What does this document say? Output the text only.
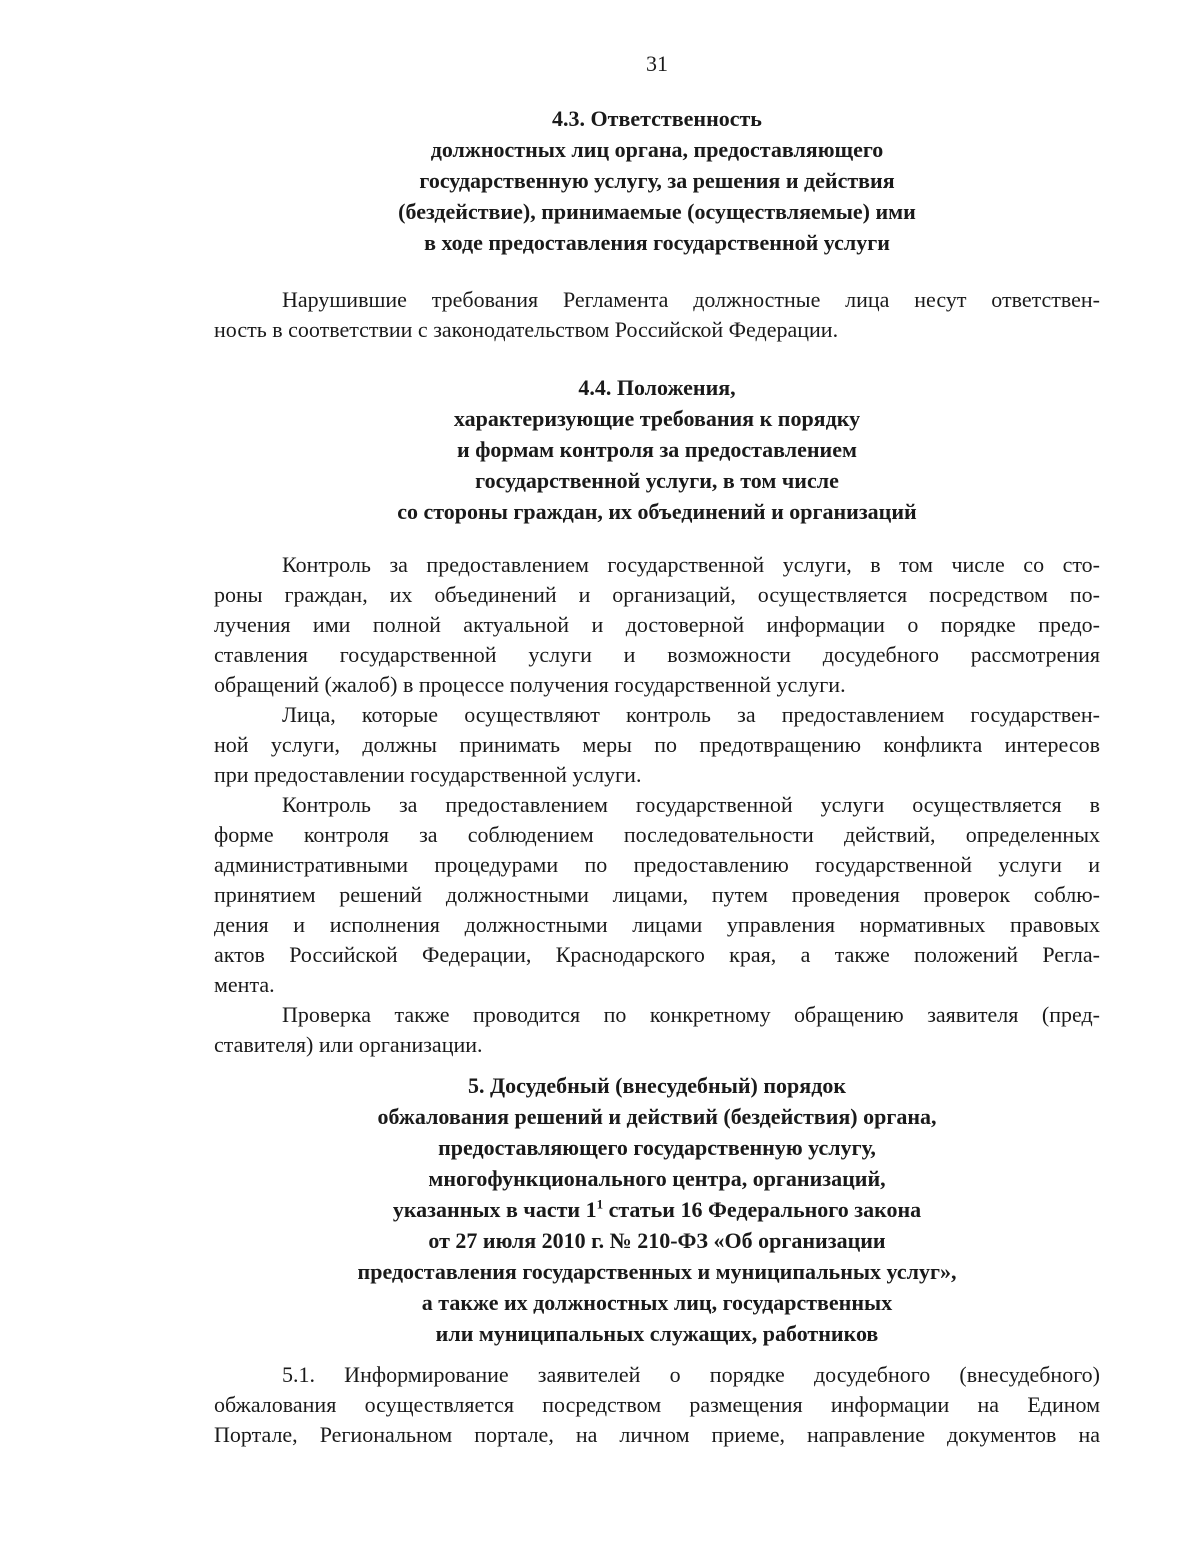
31
4.3. Ответственность
должностных лиц органа, предоставляющего
государственную услугу, за решения и действия
(бездействие), принимаемые (осуществляемые) ими
в ходе предоставления государственной услуги

Нарушившие требования Регламента должностные лица несут ответствен-
ность в соответствии с законодательством Российской Федерации.

4.4. Положения,
характеризующие требования к порядку
и формам контроля за предоставлением
государственной услуги, в том числе
со стороны граждан, их объединений и организаций

Контроль за предоставлением государственной услуги, в том числе со сто-
роны граждан, их объединений и организаций, осуществляется посредством по-
лучения ими полной актуальной и достоверной информации о порядке предо-
ставления государственной услуги и возможности досудебного рассмотрения
обращений (жалоб) в процессе получения государственной услуги.

Лица, которые осуществляют контроль за предоставлением государствен-
ной услуги, должны принимать меры по предотвращению конфликта интересов
при предоставлении государственной услуги.

Контроль за предоставлением государственной услуги осуществляется в
форме контроля за соблюдением последовательности действий, определенных
административными процедурами по предоставлению государственной услуги и
принятием решений должностными лицами, путем проведения проверок соблю-
дения и исполнения должностными лицами управления нормативных правовых
актов Российской Федерации, Краснодарского края, а также положений Регла-
мента.

Проверка также проводится по конкретному обращению заявителя (пред-
ставителя) или организации.

5. Досудебный (внесудебный) порядок
обжалования решений и действий (бездействия) органа,
предоставляющего государственную услугу,
многофункционального центра, организаций,
указанных в части $1^1$ статьи 16 Федерального закона
от 27 июля 2010 г. № 210-ФЗ «Об организации
предоставления государственных и муниципальных услуг»,
а также их должностных лиц, государственных
или муниципальных служащих, работников

5.1. Информирование заявителей о порядке досудебного (внесудебного)
обжалования осуществляется посредством размещения информации на Едином
Портале, Региональном портале, на личном приеме, направление документов на
